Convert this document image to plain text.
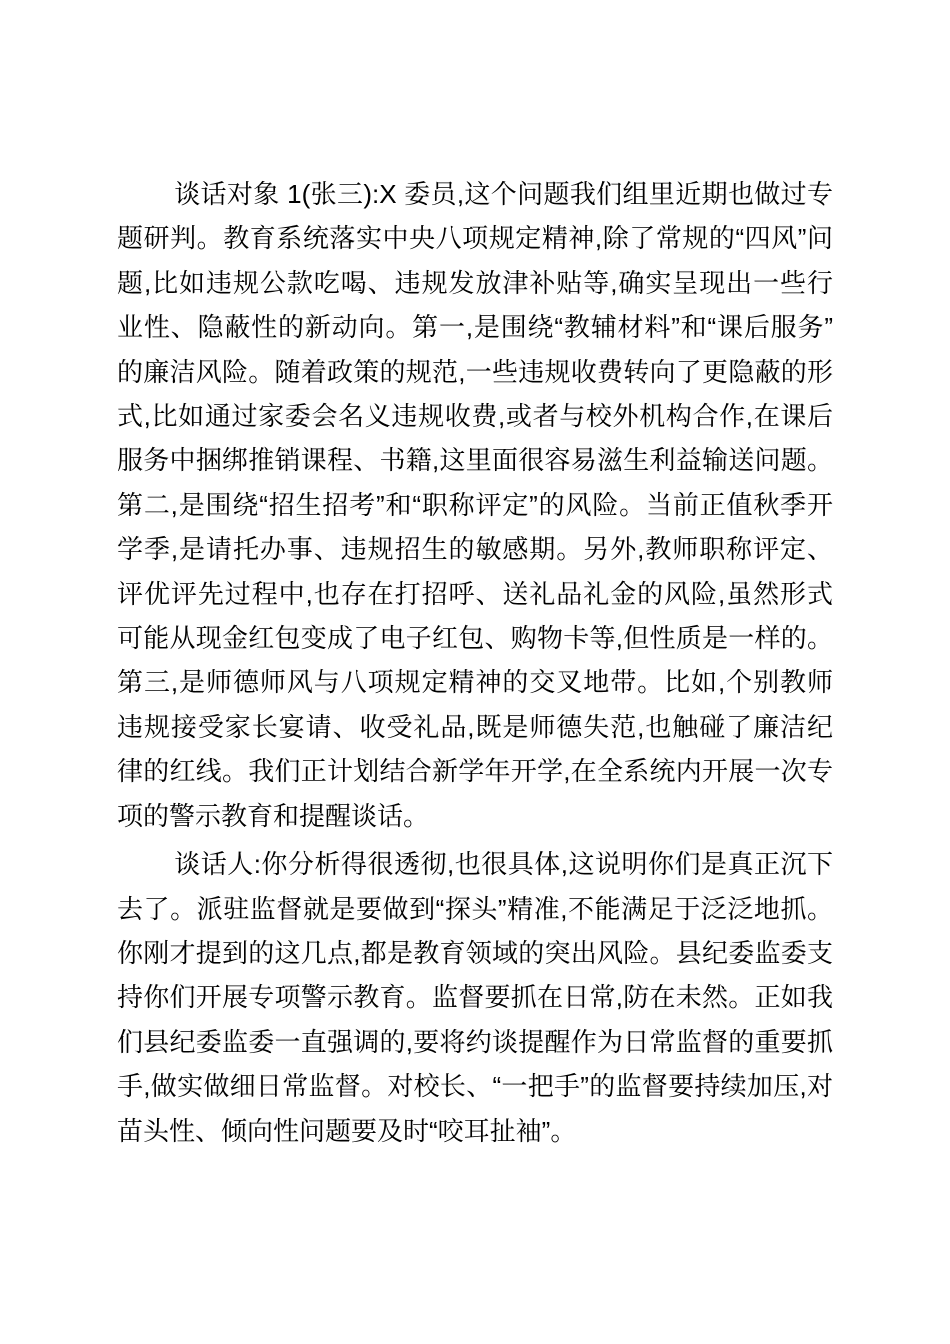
谈话对象 1(张三):X 委员,这个问题我们组里近期也做过专题研判。教育系统落实中央八项规定精神,除了常规的“四风”问题,比如违规公款吃喝、违规发放津补贴等,确实呈现出一些行业性、隐蔽性的新动向。第一,是围绕“教辅材料”和“课后服务”的廉洁风险。随着政策的规范,一些违规收费转向了更隐蔽的形式,比如通过家委会名义违规收费,或者与校外机构合作,在课后服务中捆绑推销课程、书籍,这里面很容易滋生利益输送问题。第二,是围绕“招生招考”和“职称评定”的风险。当前正值秋季开学季,是请托办事、违规招生的敏感期。另外,教师职称评定、评优评先过程中,也存在打招呼、送礼品礼金的风险,虽然形式可能从现金红包变成了电子红包、购物卡等,但性质是一样的。第三,是师德师风与八项规定精神的交叉地带。比如,个别教师违规接受家长宴请、收受礼品,既是师德失范,也触碰了廉洁纪律的红线。我们正计划结合新学年开学,在全系统内开展一次专项的警示教育和提醒谈话。

谈话人:你分析得很透彻,也很具体,这说明你们是真正沉下去了。派驻监督就是要做到“探头”精准,不能满足于泛泛地抓。你刚才提到的这几点,都是教育领域的突出风险。县纪委监委支持你们开展专项警示教育。监督要抓在日常,防在未然。正如我们县纪委监委一直强调的,要将约谈提醒作为日常监督的重要抓手,做实做细日常监督。对校长、“一把手”的监督要持续加压,对苗头性、倾向性问题要及时“咬耳扯袖”。
